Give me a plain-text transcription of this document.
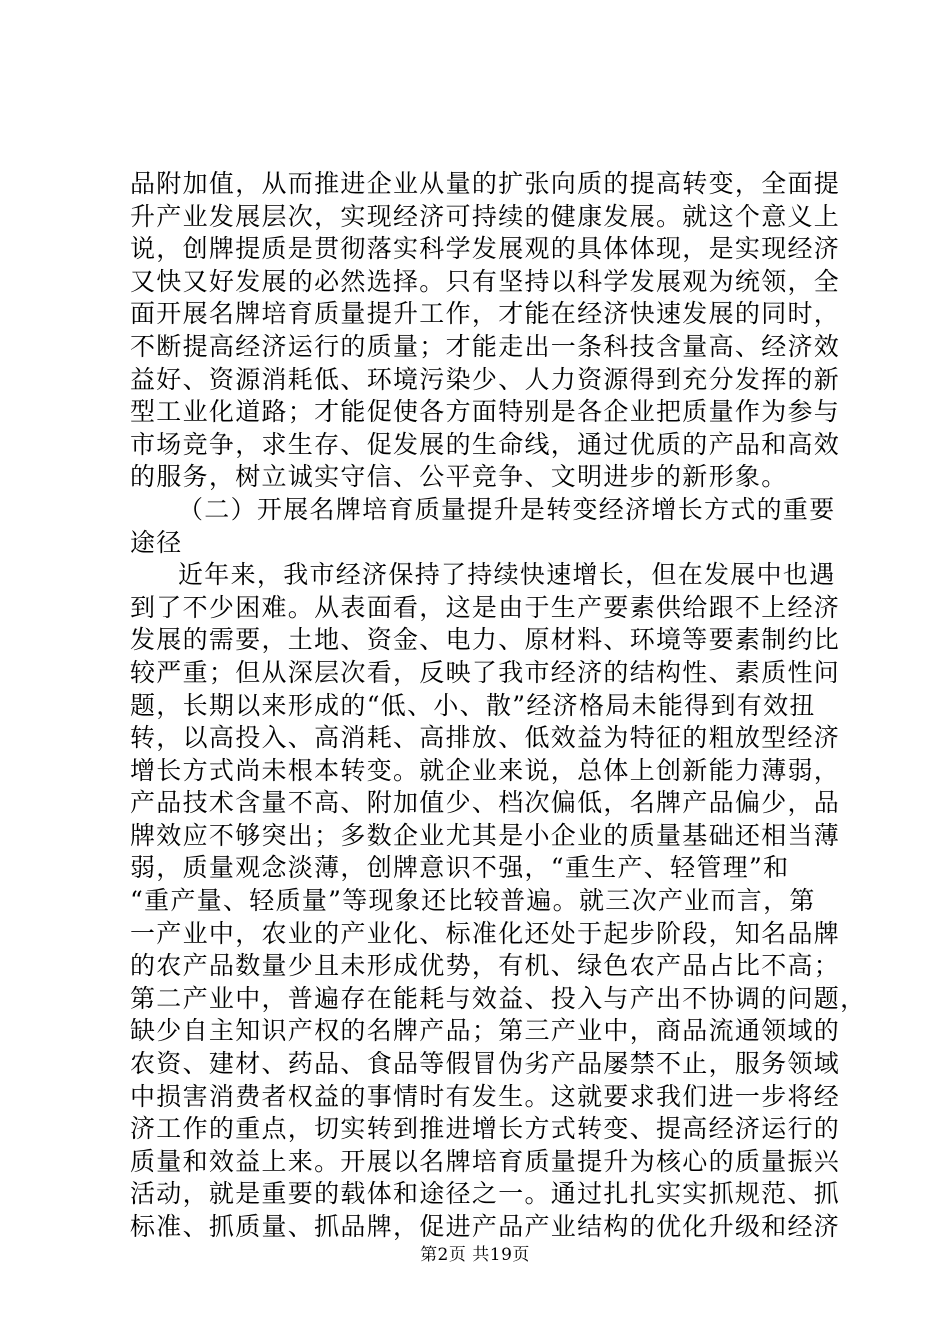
品附加值，从而推进企业从量的扩张向质的提高转变，全面提
升产业发展层次，实现经济可持续的健康发展。就这个意义上
说，创牌提质是贯彻落实科学发展观的具体体现，是实现经济
又快又好发展的必然选择。只有坚持以科学发展观为统领，全
面开展名牌培育质量提升工作，才能在经济快速发展的同时，
不断提高经济运行的质量；才能走出一条科技含量高、经济效
益好、资源消耗低、环境污染少、人力资源得到充分发挥的新
型工业化道路；才能促使各方面特别是各企业把质量作为参与
市场竞争，求生存、促发展的生命线，通过优质的产品和高效
的服务，树立诚实守信、公平竞争、文明进步的新形象。
（二）开展名牌培育质量提升是转变经济增长方式的重要
途径
近年来，我市经济保持了持续快速增长，但在发展中也遇
到了不少困难。从表面看，这是由于生产要素供给跟不上经济
发展的需要，土地、资金、电力、原材料、环境等要素制约比
较严重；但从深层次看，反映了我市经济的结构性、素质性问
题，长期以来形成的“低、小、散”经济格局未能得到有效扭
转，以高投入、高消耗、高排放、低效益为特征的粗放型经济
增长方式尚未根本转变。就企业来说，总体上创新能力薄弱，
产品技术含量不高、附加值少、档次偏低，名牌产品偏少，品
牌效应不够突出；多数企业尤其是小企业的质量基础还相当薄
弱，质量观念淡薄，创牌意识不强，“重生产、轻管理”和
“重产量、轻质量”等现象还比较普遍。就三次产业而言，第
一产业中，农业的产业化、标准化还处于起步阶段，知名品牌
的农产品数量少且未形成优势，有机、绿色农产品占比不高；
第二产业中，普遍存在能耗与效益、投入与产出不协调的问题，
缺少自主知识产权的名牌产品；第三产业中，商品流通领域的
农资、建材、药品、食品等假冒伪劣产品屡禁不止，服务领域
中损害消费者权益的事情时有发生。这就要求我们进一步将经
济工作的重点，切实转到推进增长方式转变、提高经济运行的
质量和效益上来。开展以名牌培育质量提升为核心的质量振兴
活动，就是重要的载体和途径之一。通过扎扎实实抓规范、抓
标准、抓质量、抓品牌，促进产品产业结构的优化升级和经济
第2页 共19页
